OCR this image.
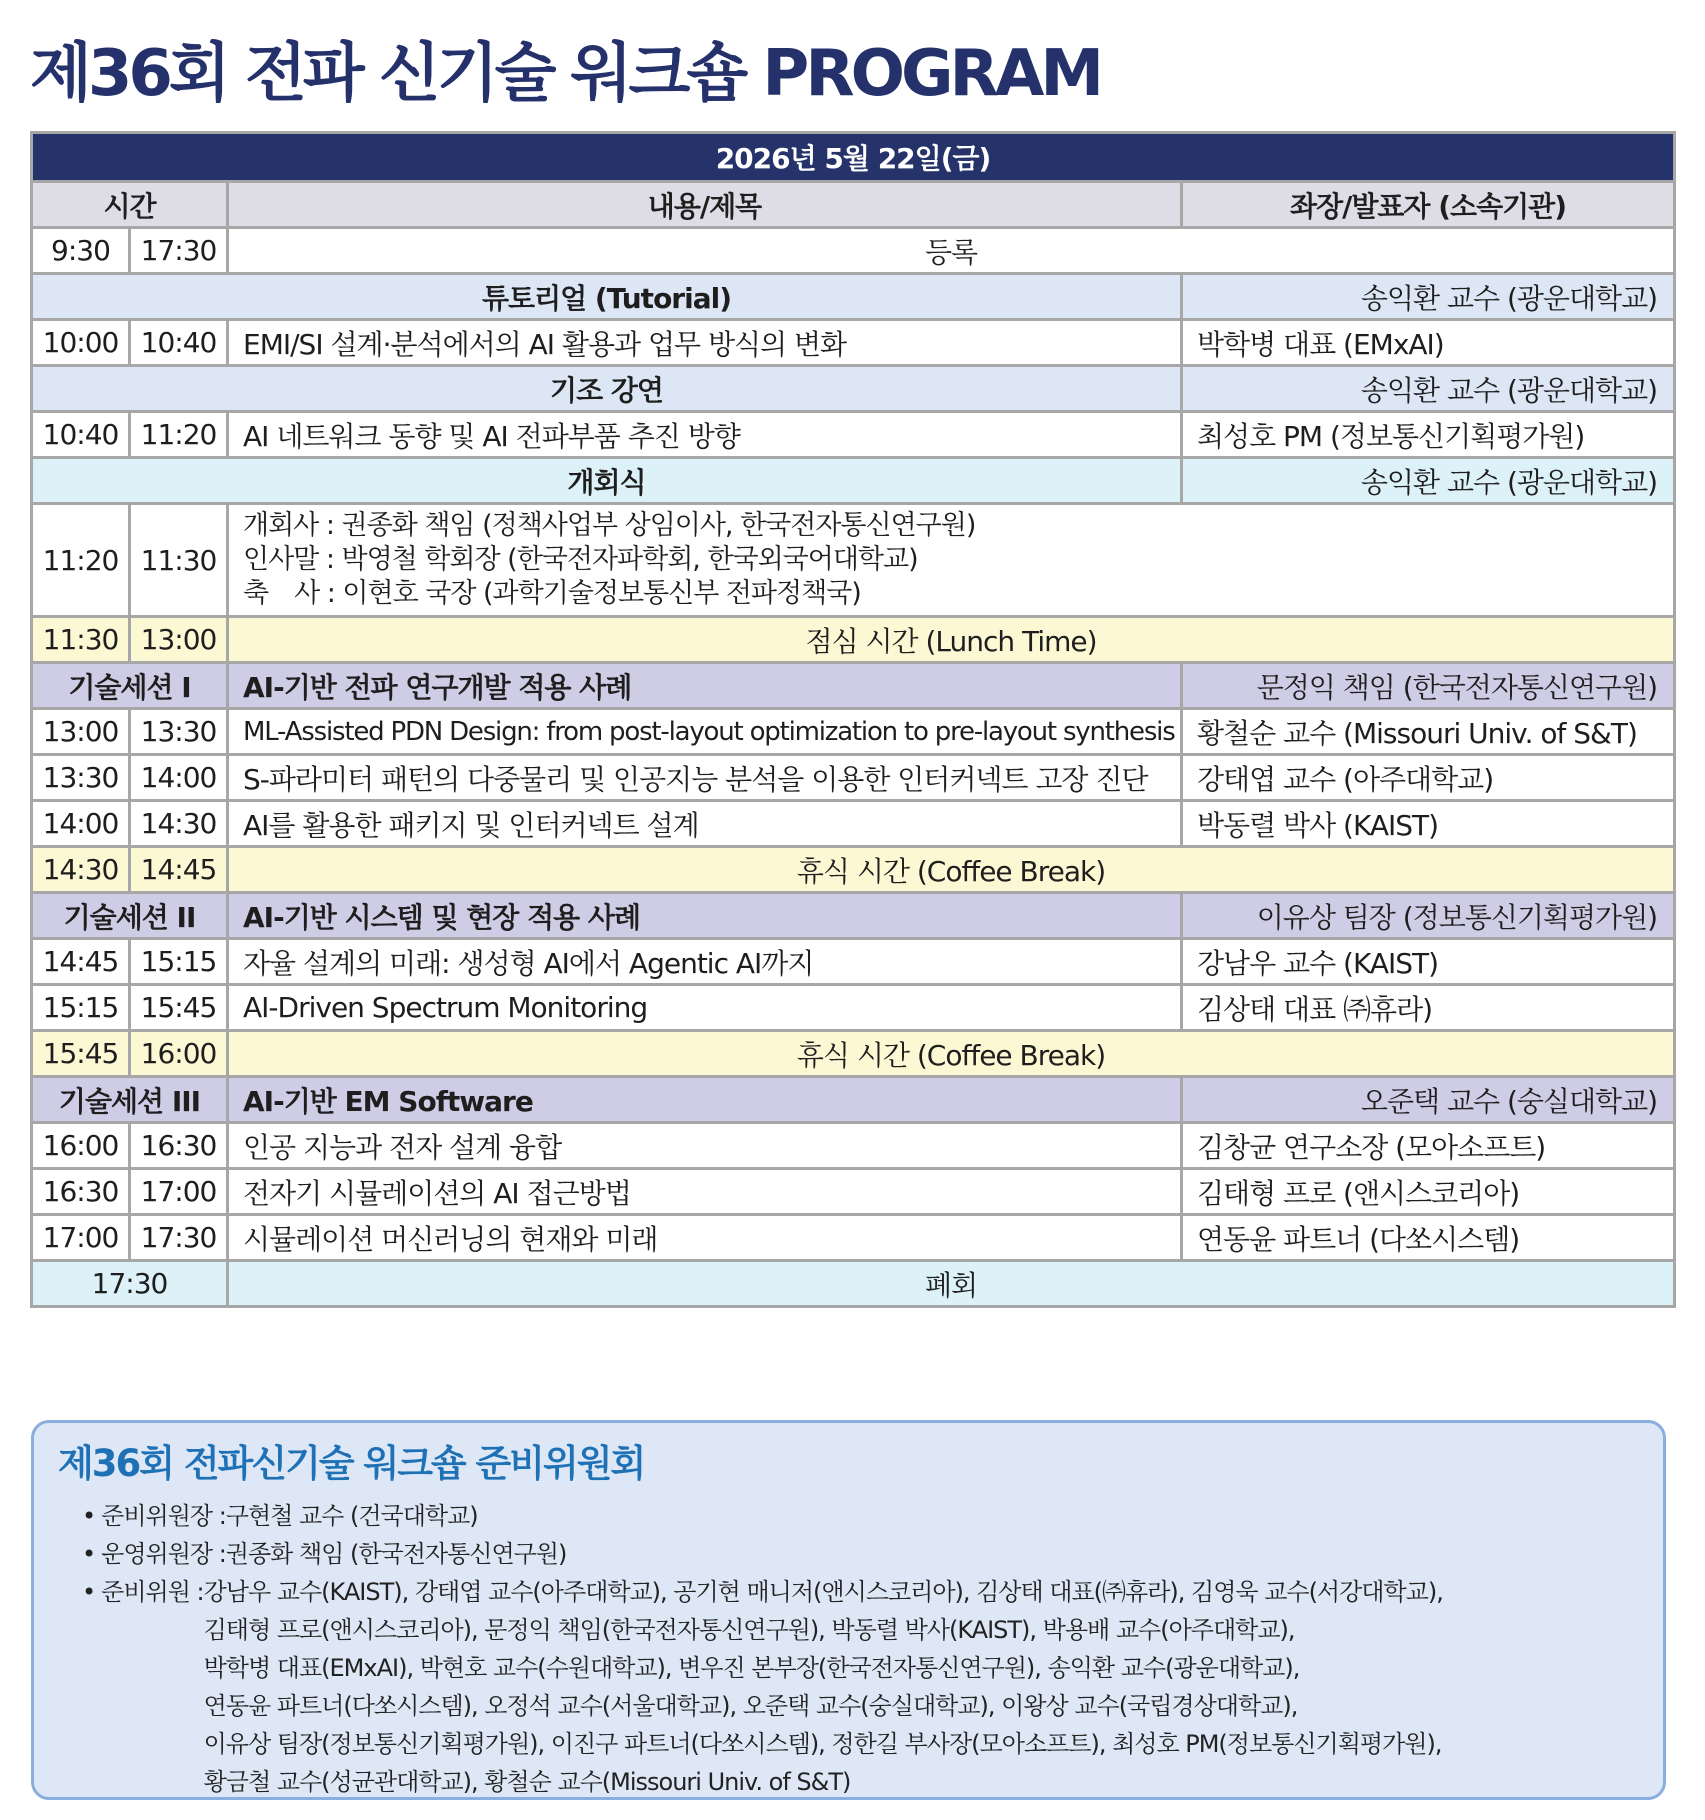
제36회 전파 신기술 워크숍 PROGRAM
2026년 5월 22일(금)			
시간		내용/제목	좌장/발표자 (소속기관)
9:30	17:30	등록	
튜토리얼 (Tutorial)			송익환 교수 (광운대학교)
10:00	10:40	EMI/SI 설계·분석에서의 AI 활용과 업무 방식의 변화	박학병 대표 (EMxAI)
기조 강연			송익환 교수 (광운대학교)
10:40	11:20	AI 네트워크 동향 및 AI 전파부품 추진 방향	최성호 PM (정보통신기획평가원)
개회식			송익환 교수 (광운대학교)
11:20	11:30	개회사 : 권종화 책임 (정책사업부 상임이사, 한국전자통신연구원)
인사말 : 박영철 학회장 (한국전자파학회, 한국외국어대학교)
축　사 : 이현호 국장 (과학기술정보통신부 전파정책국)	

11:30	13:00	점심 시간 (Lunch Time)	
기술세션 I		AI-기반 전파 연구개발 적용 사례	문정익 책임 (한국전자통신연구원)
13:00	13:30	ML-Assisted PDN Design: from post-layout optimization to pre-layout synthesis	황철순 교수 (Missouri Univ. of S&T)
13:30	14:00	S-파라미터 패턴의 다중물리 및 인공지능 분석을 이용한 인터커넥트 고장 진단	강태엽 교수 (아주대학교)
14:00	14:30	AI를 활용한 패키지 및 인터커넥트 설계	박동렬 박사 (KAIST)
14:30	14:45	휴식 시간 (Coffee Break)	
기술세션 II		AI-기반 시스템 및 현장 적용 사례	이유상 팀장 (정보통신기획평가원)
14:45	15:15	자율 설계의 미래: 생성형 AI에서 Agentic AI까지	강남우 교수 (KAIST)
15:15	15:45	AI-Driven Spectrum Monitoring	김상태 대표 ㈜휴라)
15:45	16:00	휴식 시간 (Coffee Break)	
기술세션 III		AI-기반 EM Software	오준택 교수 (숭실대학교)
16:00	16:30	인공 지능과 전자 설계 융합	김창균 연구소장 (모아소프트)
16:30	17:00	전자기 시뮬레이션의 AI 접근방법	김태형 프로 (앤시스코리아)
17:00	17:30	시뮬레이션 머신러닝의 현재와 미래	연동윤 파트너 (다쏘시스템)
17:30		폐회	
제36회 전파신기술 워크숍 준비위원회
• 준비위원장 : 구현철 교수 (건국대학교)
• 운영위원장 : 권종화 책임 (한국전자통신연구원)
• 준비위원 : 강남우 교수(KAIST), 강태엽 교수(아주대학교), 공기현 매니저(앤시스코리아), 김상태 대표(㈜휴라), 김영욱 교수(서강대학교),
김태형 프로(앤시스코리아), 문정익 책임(한국전자통신연구원), 박동렬 박사(KAIST), 박용배 교수(아주대학교),
박학병 대표(EMxAI), 박현호 교수(수원대학교), 변우진 본부장(한국전자통신연구원), 송익환 교수(광운대학교),
연동윤 파트너(다쏘시스템), 오정석 교수(서울대학교), 오준택 교수(숭실대학교), 이왕상 교수(국립경상대학교),
이유상 팀장(정보통신기획평가원), 이진구 파트너(다쏘시스템), 정한길 부사장(모아소프트), 최성호 PM(정보통신기획평가원),
황금철 교수(성균관대학교), 황철순 교수(Missouri Univ. of S&T)
